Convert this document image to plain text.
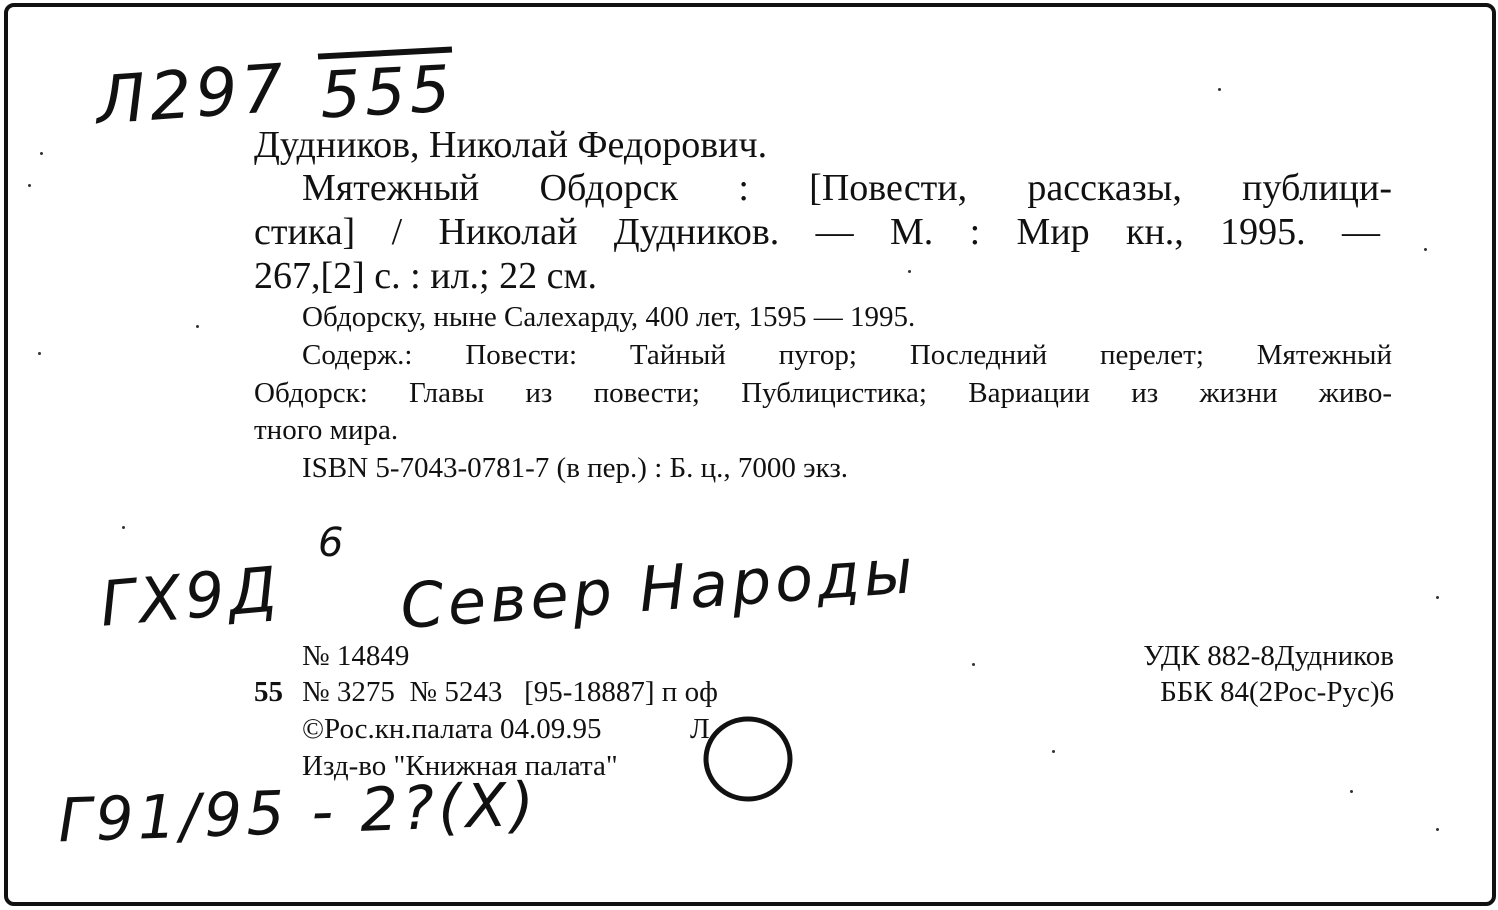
Л297 555
Дудников, Николай Федорович.
Мятежный Обдорск : [Повести, рассказы, публици-
стика] / Николай Дудников. — М. : Мир кн., 1995. —
267,[2] с. : ил.; 22 см.
Обдорску, ныне Салехарду, 400 лет, 1595 — 1995.
Содерж.: Повести: Тайный пугор; Последний перелет; Мятежный
Обдорск: Главы из повести; Публицистика; Вариации из жизни живо-
тного мира.
ISBN 5-7043-0781-7 (в пер.) : Б. ц., 7000 экз.
ГХ9Д
6 Север Народы
№ 14849
55 № 3275  № 5243   [95-18887] п оф
©Рос.кн.палата 04.09.95	Л
Изд-во "Книжная палата"
УДК 882-8Дудников
ББК 84(2Рос-Рус)6
Г91/95 - 2?(Х)
